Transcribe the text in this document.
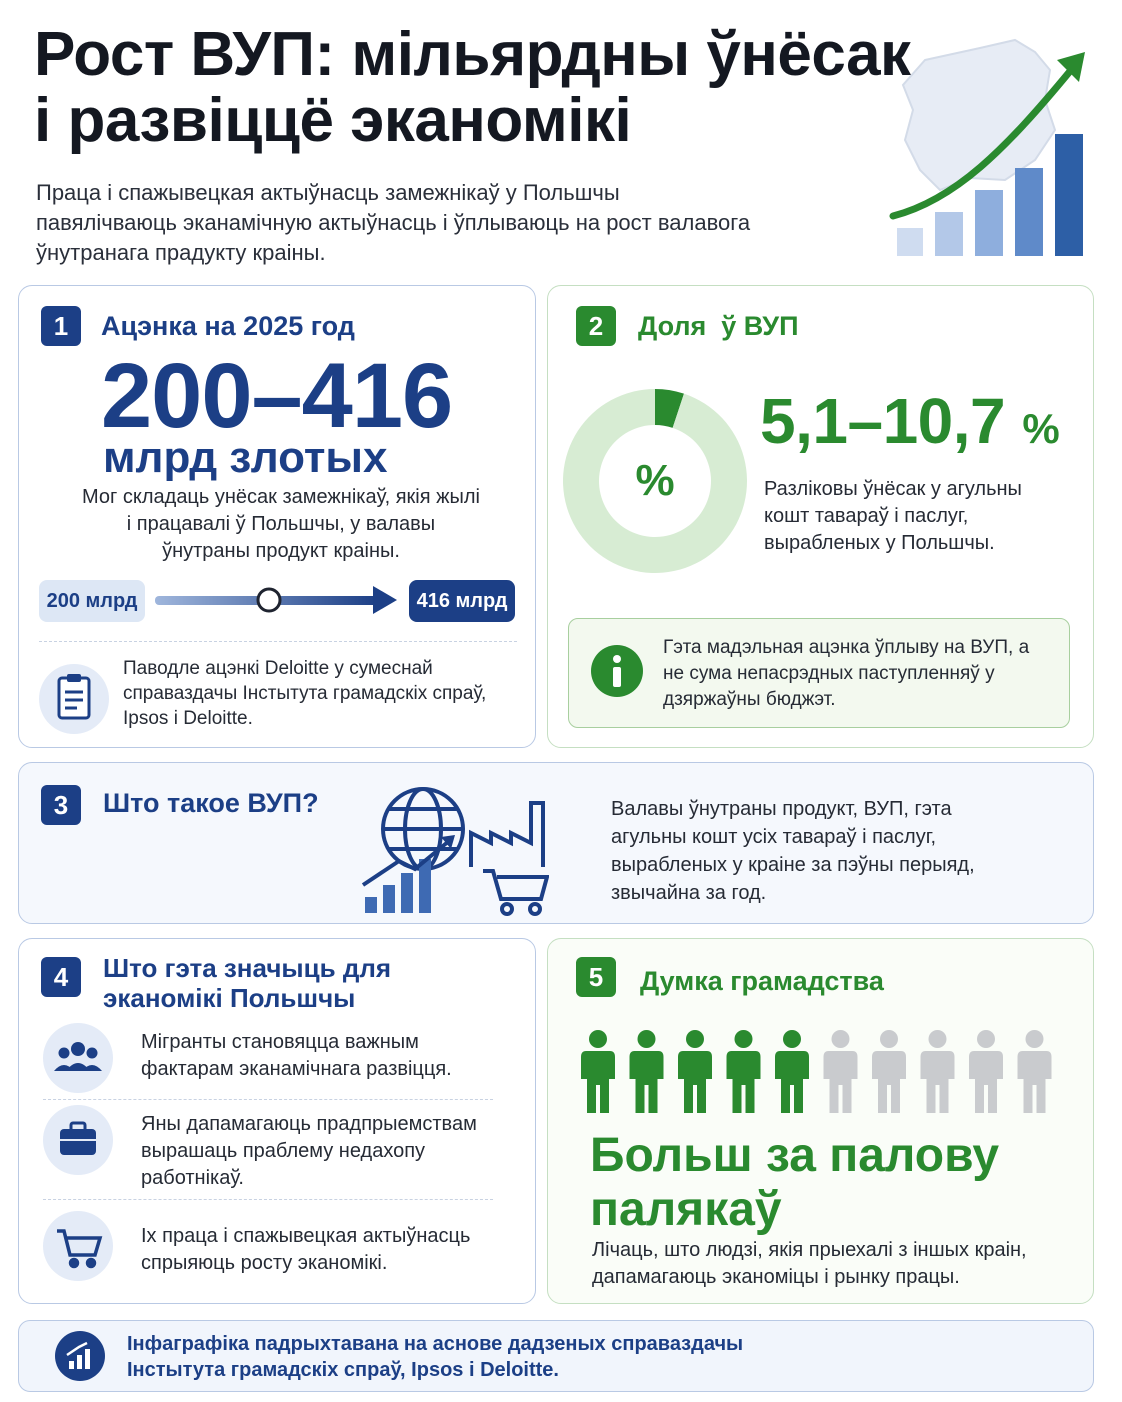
Рост ВУП: мільярдны ўнёсак
і развіццё эканомікі

Праца і спажывецкая актыўнасць замежнікаў у Польшчы павялічваюць эканамічную актыўнасць і ўплываюць на рост валавога ўнутранага прадукту краіны.

1	Ацэнка на 2025 год
200–416
млрд злотых
Мог складаць унёсак замежнікаў, якія жылі і працавалі ў Польшчы, у валавы ўнутраны продукт краіны.
200 млрд	416 млрд
Паводле ацэнкі Deloitte у сумеснай справаздачы Інстытута грамадскіх спраў, Ipsos і Deloitte.
2	Доля  ў ВУП
%
5,1–10,7 %
Разліковы ўнёсак у агульны кошт тавараў і паслуг, вырабленых у Польшчы.
Гэта мадэльная ацэнка ўплыву на ВУП, а не сума непасрэдных паступленняў у дзяржаўны бюджэт.
3	Што такое ВУП?	Валавы ўнутраны продукт, ВУП, гэта агульны кошт усіх тавараў і паслуг, вырабленых у краіне за пэўны перыяд, звычайна за год.
4	Што гэта значыць для эканомікі Польшчы
Мігранты становяцца важным фактарам эканамічнага развіцця.
Яны дапамагаюць прадпрыемствам вырашаць праблему недахопу работнікаў.
Іх праца і спажывецкая актыўнасць спрыяюць росту эканомікі.
5	Думка грамадства
Больш за палову палякаў
Лічаць, што людзі, якія прыехалі з іншых краін, дапамагаюць эканоміцы і рынку працы.
Інфаграфіка падрыхтавана на аснове дадзеных справаздачы Інстытута грамадскіх спраў, Ipsos і Deloitte.
